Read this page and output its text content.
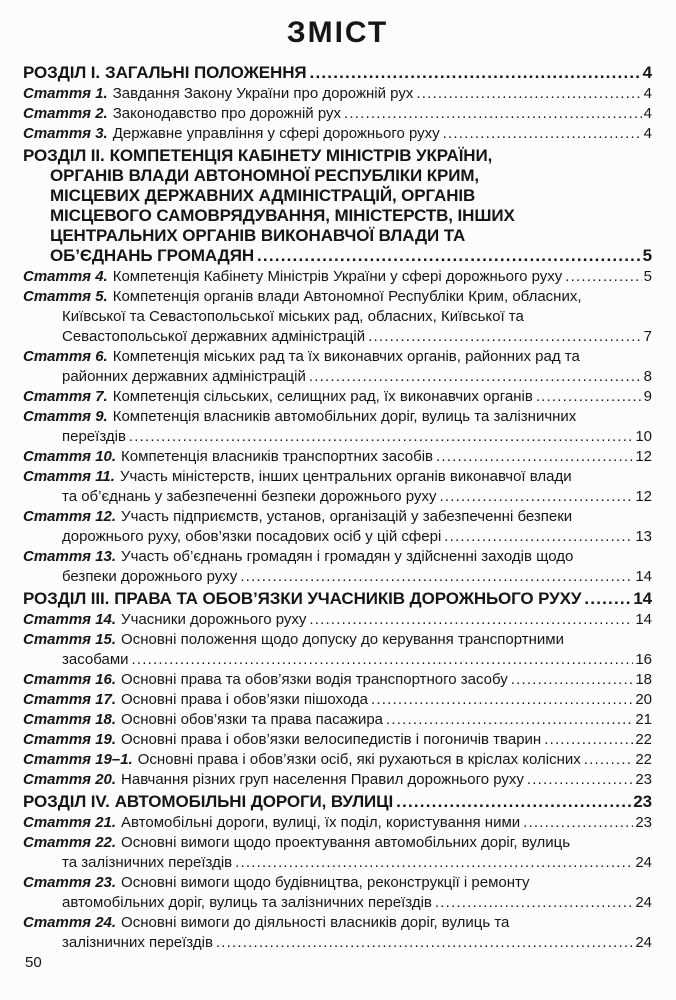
ЗМІСТ
РОЗДІЛ I. ЗАГАЛЬНІ ПОЛОЖЕННЯ .....	4
Стаття 1. Завдання Закону України про дорожній рух .....	4
Стаття 2. Законодавство про дорожній рух .....	4
Стаття 3. Державне управління у сфері дорожнього руху .....	4
РОЗДІЛ II. КОМПЕТЕНЦІЯ КАБІНЕТУ МІНІСТРІВ УКРАЇНИ,
ОРГАНІВ ВЛАДИ АВТОНОМНОЇ РЕСПУБЛІКИ КРИМ,
МІСЦЕВИХ ДЕРЖАВНИХ АДМІНІСТРАЦІЙ, ОРГАНІВ
МІСЦЕВОГО САМОВРЯДУВАННЯ, МІНІСТЕРСТВ, ІНШИХ
ЦЕНТРАЛЬНИХ ОРГАНІВ ВИКОНАВЧОЇ ВЛАДИ ТА
ОБ’ЄДНАНЬ ГРОМАДЯН .....	5
Стаття 4. Компетенція Кабінету Міністрів України у сфері дорожнього руху .....	5
Стаття 5. Компетенція органів влади Автономної Республіки Крим, обласних,
Київської та Севастопольської міських рад, обласних, Київської та
Севастопольської державних адміністрацій .....	7
Стаття 6. Компетенція міських рад та їх виконавчих органів, районних рад та
районних державних адміністрацій .....	8
Стаття 7. Компетенція сільських, селищних рад, їх виконавчих органів .....	9
Стаття 9. Компетенція власників автомобільних доріг, вулиць та залізничних
переїздів .....	10
Стаття 10. Компетенція власників транспортних засобів .....	12
Стаття 11. Участь міністерств, інших центральних органів виконавчої влади
та об’єднань у забезпеченні безпеки дорожнього руху .....	12
Стаття 12. Участь підприємств, установ, організацій у забезпеченні безпеки
дорожнього руху, обов’язки посадових осіб у цій сфері .....	13
Стаття 13. Участь об’єднань громадян і громадян у здійсненні заходів щодо
безпеки дорожнього руху .....	14
РОЗДІЛ III. ПРАВА ТА ОБОВ’ЯЗКИ УЧАСНИКІВ ДОРОЖНЬОГО РУХУ .....	14
Стаття 14. Учасники дорожнього руху .....	14
Стаття 15. Основні положення щодо допуску до керування транспортними
засобами .....	16
Стаття 16. Основні права та обов’язки водія транспортного засобу .....	18
Стаття 17. Основні права і обов’язки пішохода .....	20
Стаття 18. Основні обов’язки та права пасажира .....	21
Стаття 19. Основні права і обов’язки велосипедистів і погоничів тварин .....	22
Стаття 19–1. Основні права і обов’язки осіб, які рухаються в кріслах колісних .....	22
Стаття 20. Навчання різних груп населення Правил дорожнього руху .....	23
РОЗДІЛ IV. АВТОМОБІЛЬНІ ДОРОГИ, ВУЛИЦІ .....	23
Стаття 21. Автомобільні дороги, вулиці, їх поділ, користування ними .....	23
Стаття 22. Основні вимоги щодо проектування автомобільних доріг, вулиць
та залізничних переїздів .....	24
Стаття 23. Основні вимоги щодо будівництва, реконструкції і ремонту
автомобільних доріг, вулиць та залізничних переїздів .....	24
Стаття 24. Основні вимоги до діяльності власників доріг, вулиць та
залізничних переїздів .....	24
50
